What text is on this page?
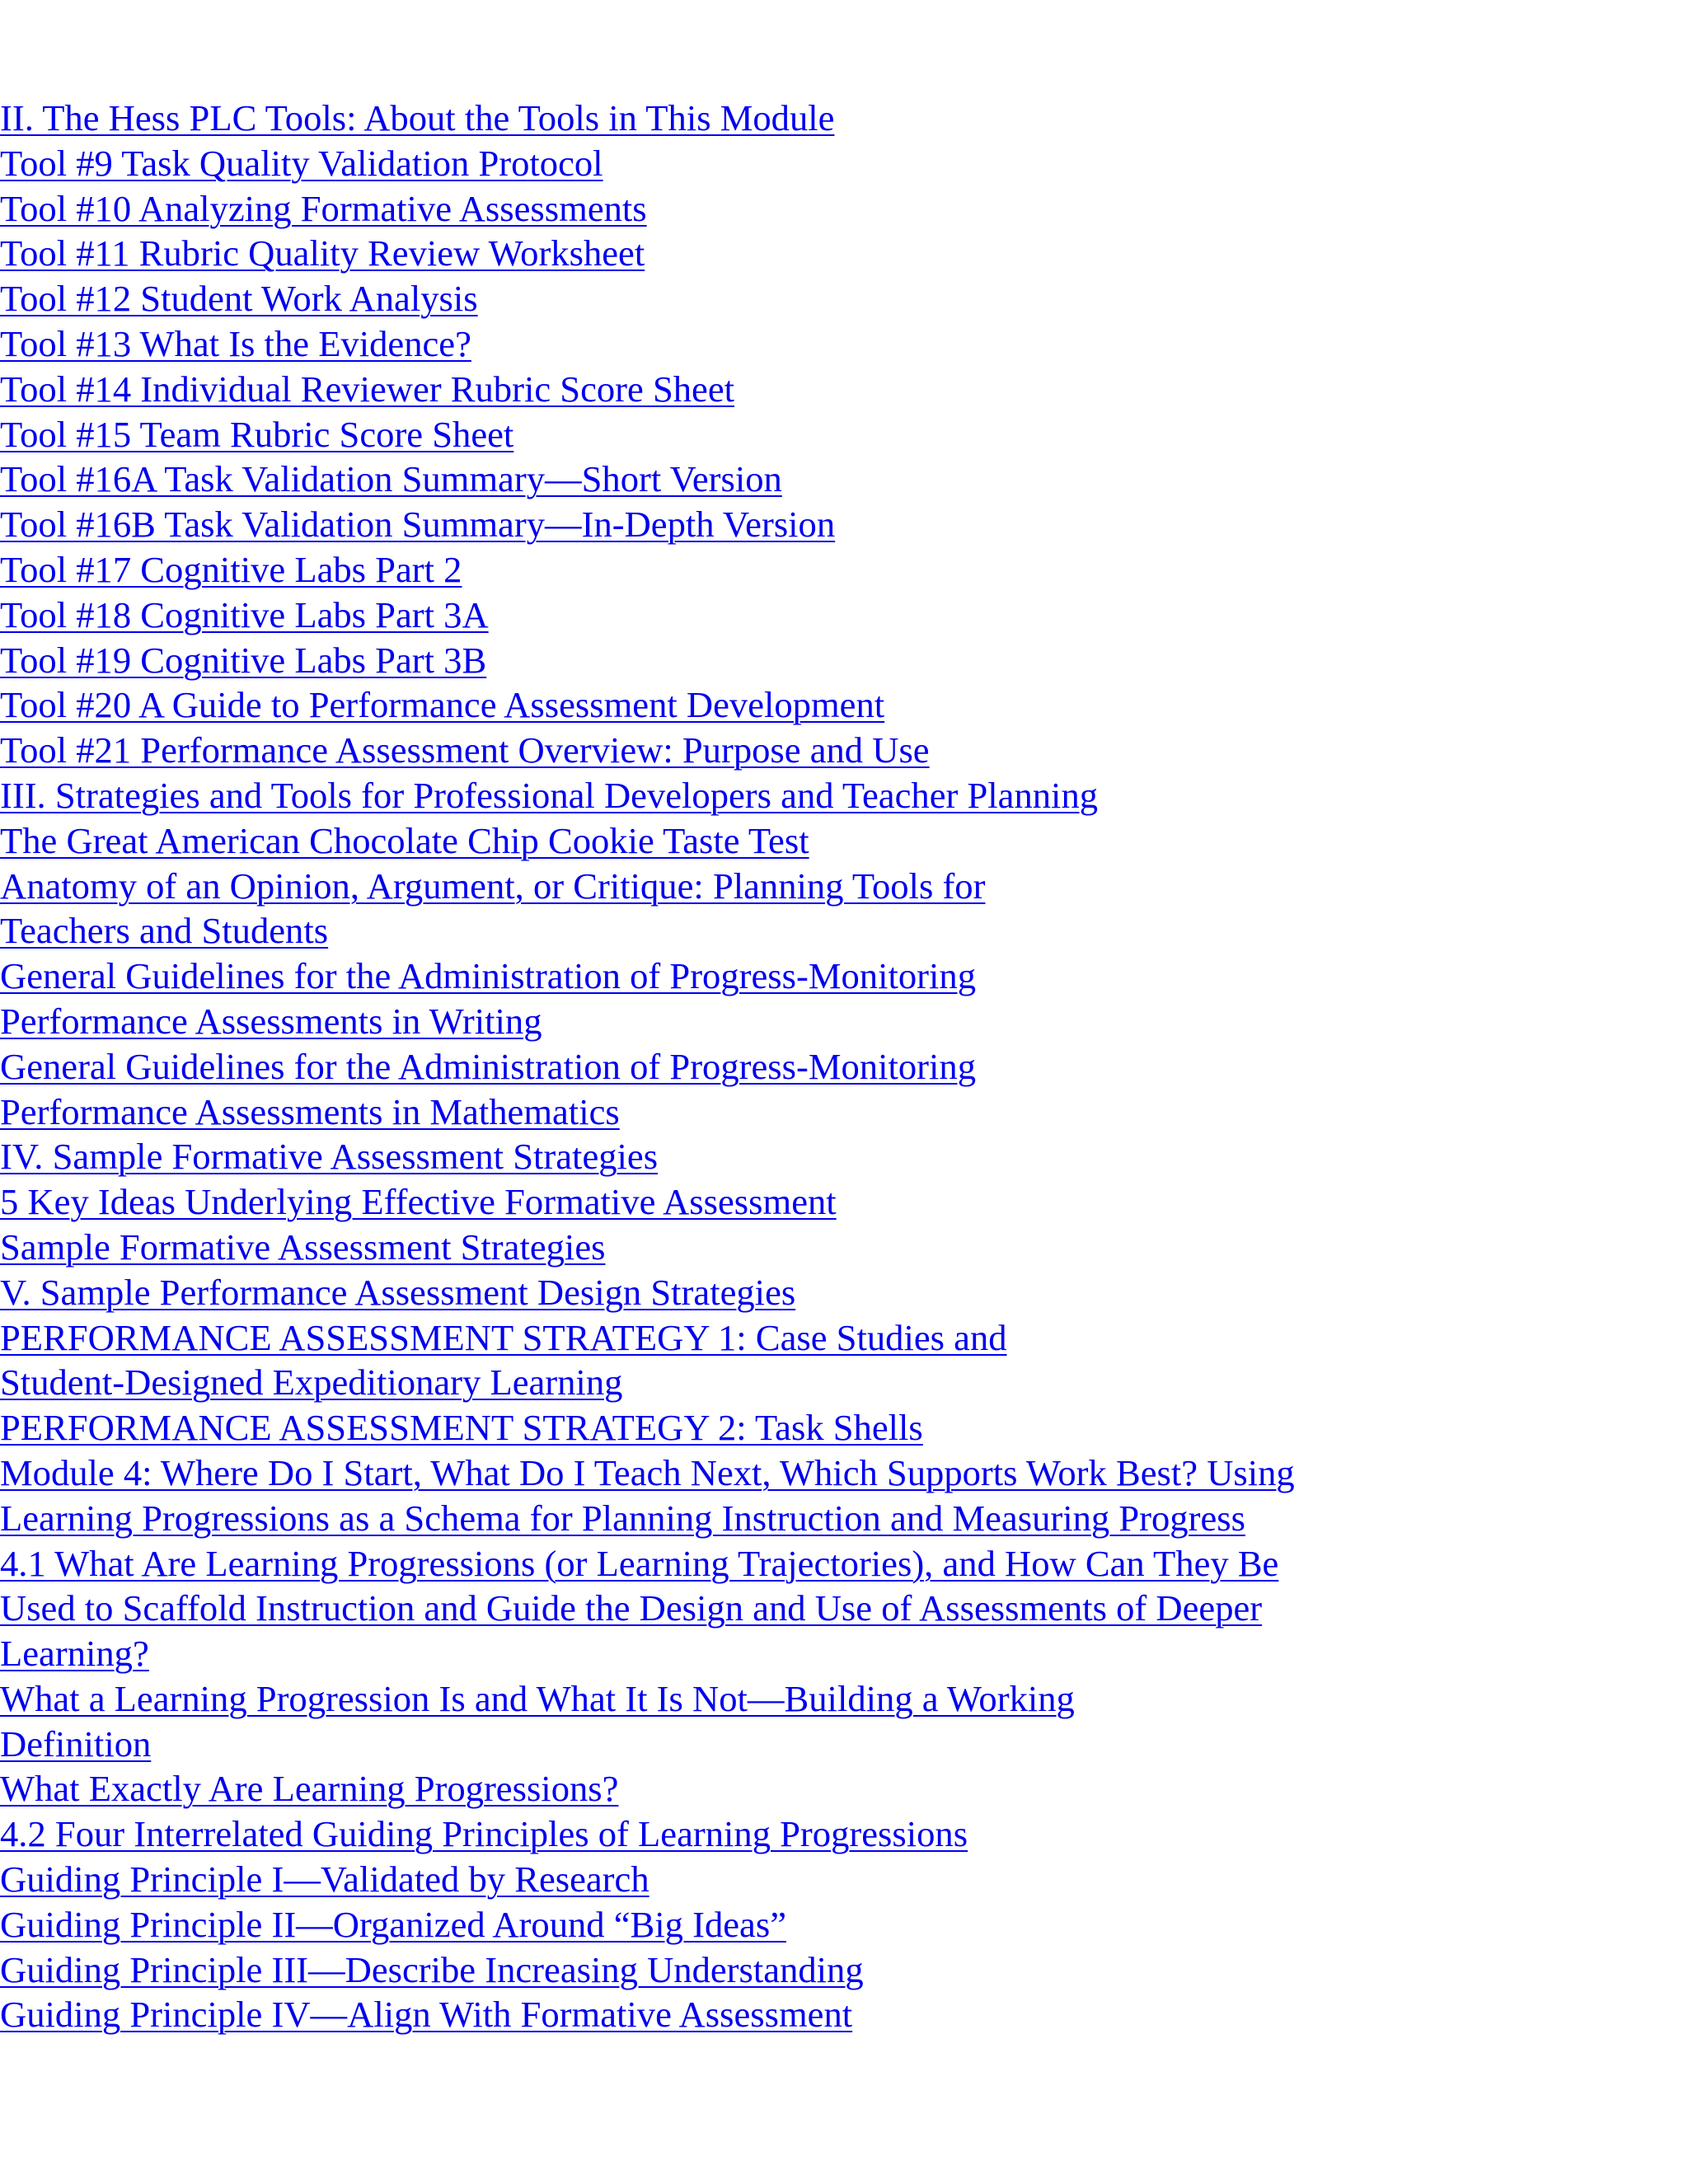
II. The Hess PLC Tools: About the Tools in This Module
Tool #9 Task Quality Validation Protocol
Tool #10 Analyzing Formative Assessments
Tool #11 Rubric Quality Review Worksheet
Tool #12 Student Work Analysis
Tool #13 What Is the Evidence?
Tool #14 Individual Reviewer Rubric Score Sheet
Tool #15 Team Rubric Score Sheet
Tool #16A Task Validation Summary—Short Version
Tool #16B Task Validation Summary—In-Depth Version
Tool #17 Cognitive Labs Part 2
Tool #18 Cognitive Labs Part 3A
Tool #19 Cognitive Labs Part 3B
Tool #20 A Guide to Performance Assessment Development
Tool #21 Performance Assessment Overview: Purpose and Use
III. Strategies and Tools for Professional Developers and Teacher Planning
The Great American Chocolate Chip Cookie Taste Test
Anatomy of an Opinion, Argument, or Critique: Planning Tools for Teachers and Students
General Guidelines for the Administration of Progress-Monitoring Performance Assessments in Writing
General Guidelines for the Administration of Progress-Monitoring Performance Assessments in Mathematics
IV. Sample Formative Assessment Strategies
5 Key Ideas Underlying Effective Formative Assessment
Sample Formative Assessment Strategies
V. Sample Performance Assessment Design Strategies
PERFORMANCE ASSESSMENT STRATEGY 1: Case Studies and Student-Designed Expeditionary Learning
PERFORMANCE ASSESSMENT STRATEGY 2: Task Shells
Module 4: Where Do I Start, What Do I Teach Next, Which Supports Work Best? Using Learning Progressions as a Schema for Planning Instruction and Measuring Progress
4.1 What Are Learning Progressions (or Learning Trajectories), and How Can They Be Used to Scaffold Instruction and Guide the Design and Use of Assessments of Deeper Learning?
What a Learning Progression Is and What It Is Not—Building a Working Definition
What Exactly Are Learning Progressions?
4.2 Four Interrelated Guiding Principles of Learning Progressions
Guiding Principle I—Validated by Research
Guiding Principle II—Organized Around “Big Ideas”
Guiding Principle III—Describe Increasing Understanding
Guiding Principle IV—Align With Formative Assessment
